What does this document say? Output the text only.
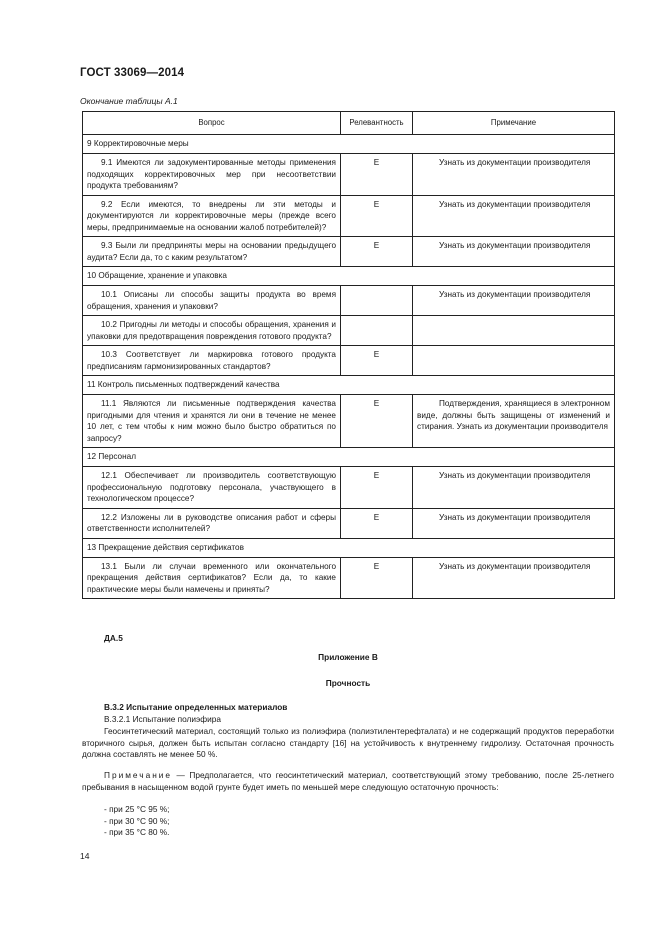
ГОСТ 33069—2014
Окончание таблицы А.1
Вопрос	Релевантность	Примечание
9 Корректировочные меры		
9.1 Имеются ли задокументированные методы применения подходящих корректировочных мер при несоответствии продукта требованиям?	E	Узнать из документации производителя
9.2 Если имеются, то внедрены ли эти методы и документируются ли корректировочные меры (прежде всего меры, предпринимаемые на основании жалоб потребителей)?	E	Узнать из документации производителя
9.3 Были ли предприняты меры на основании предыдущего аудита? Если да, то с каким результатом?	E	Узнать из документации производителя
10 Обращение, хранение и упаковка		
10.1 Описаны ли способы защиты продукта во время обращения, хранения и упаковки?		Узнать из документации производителя
10.2 Пригодны ли методы и способы обращения, хранения и упаковки для предотвращения повреждения готового продукта?		
10.3 Соответствует ли маркировка готового продукта предписаниям гармонизированных стандартов?	E	
11 Контроль письменных подтверждений качества		
11.1 Являются ли письменные подтверждения качества пригодными для чтения и хранятся ли они в течение не менее 10 лет, с тем чтобы к ним можно было быстро обратиться по запросу?	E	Подтверждения, хранящиеся в электронном виде, должны быть защищены от изменений и стирания. Узнать из документации производителя
12 Персонал		
12.1 Обеспечивает ли производитель соответствующую профессиональную подготовку персонала, участвующего в технологическом процессе?	E	Узнать из документации производителя
12.2 Изложены ли в руководстве описания работ и сферы ответственности исполнителей?	E	Узнать из документации производителя
13 Прекращение действия сертификатов		
13.1 Были ли случаи временного или окончательного прекращения действия сертификатов? Если да, то какие практические меры были намечены и приняты?	E	Узнать из документации производителя
ДА.5
Приложение В
Прочность
В.3.2 Испытание определенных материалов
В.3.2.1 Испытание полиэфира
Геосинтетический материал, состоящий только из полиэфира (полиэтилентерефталата) и не содержащий продуктов переработки вторичного сырья, должен быть испытан согласно стандарту [16] на устойчивость к внутреннему гидролизу. Остаточная прочность должна составлять не менее 50 %.
Примечание — Предполагается, что геосинтетический материал, соответствующий этому требованию, после 25-летнего пребывания в насыщенном водой грунте будет иметь по меньшей мере следующую остаточную прочность:
- при 25 °С 95 %;
- при 30 °С 90 %;
- при 35 °С 80 %.
14
